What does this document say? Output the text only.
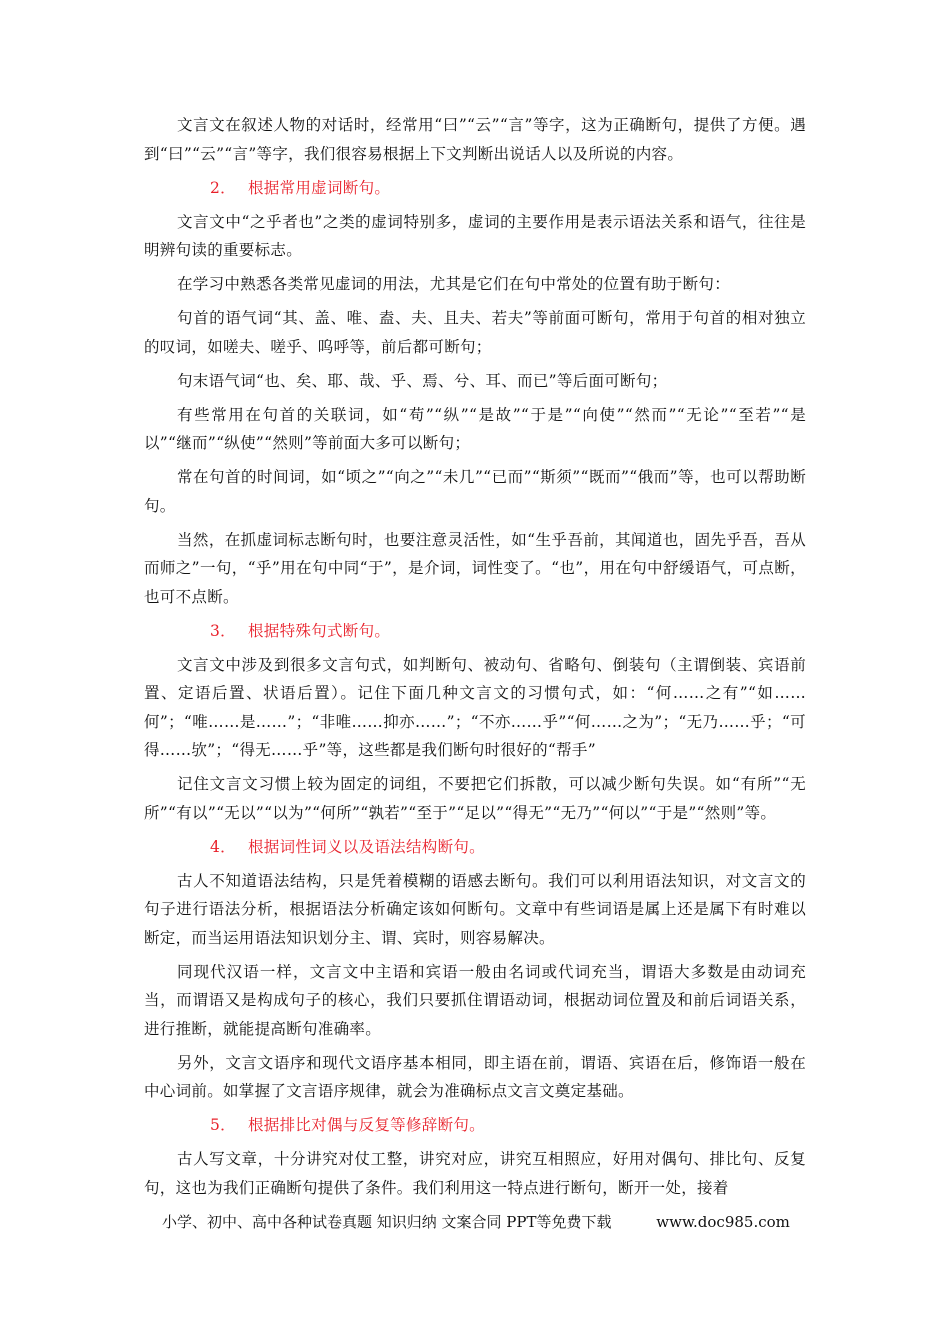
文言文在叙述人物的对话时，经常用“曰”“云”“言”等字，这为正确断句，提供了方便。遇到“曰”“云”“言”等字，我们很容易根据上下文判断出说话人以及所说的内容。

2． 根据常用虚词断句。

文言文中“之乎者也”之类的虚词特别多，虚词的主要作用是表示语法关系和语气，往往是明辨句读的重要标志。

在学习中熟悉各类常见虚词的用法，尤其是它们在句中常处的位置有助于断句：

句首的语气词“其、盖、唯、盍、夫、且夫、若夫”等前面可断句，常用于句首的相对独立的叹词，如嗟夫、嗟乎、呜呼等，前后都可断句；

句末语气词“也、矣、耶、哉、乎、焉、兮、耳、而已”等后面可断句；

有些常用在句首的关联词，如“苟”“纵”“是故”“于是”“向使”“然而”“无论”“至若”“是以”“继而”“纵使”“然则”等前面大多可以断句；

常在句首的时间词，如“顷之”“向之”“未几”“已而”“斯须”“既而”“俄而”等，也可以帮助断句。

当然，在抓虚词标志断句时，也要注意灵活性，如“生乎吾前，其闻道也，固先乎吾，吾从而师之”一句，“乎”用在句中同“于”，是介词，词性变了。“也”，用在句中舒缓语气，可点断，也可不点断。

3． 根据特殊句式断句。

文言文中涉及到很多文言句式，如判断句、被动句、省略句、倒装句（主谓倒装、宾语前置、定语后置、状语后置）。记住下面几种文言文的习惯句式，如：“何……之有”“如……何”；“唯……是……”；“非唯……抑亦……”；“不亦……乎”“何……之为”；“无乃……乎；“可得……欤”；“得无……乎”等，这些都是我们断句时很好的“帮手”

记住文言文习惯上较为固定的词组，不要把它们拆散，可以减少断句失误。如“有所”“无所”“有以”“无以”“以为”“何所”“孰若”“至于”“足以”“得无”“无乃”“何以”“于是”“然则”等。

4． 根据词性词义以及语法结构断句。

古人不知道语法结构，只是凭着模糊的语感去断句。我们可以利用语法知识，对文言文的句子进行语法分析，根据语法分析确定该如何断句。文章中有些词语是属上还是属下有时难以断定，而当运用语法知识划分主、谓、宾时，则容易解决。

同现代汉语一样，文言文中主语和宾语一般由名词或代词充当，谓语大多数是由动词充当，而谓语又是构成句子的核心，我们只要抓住谓语动词，根据动词位置及和前后词语关系，进行推断，就能提高断句准确率。

另外，文言文语序和现代文语序基本相同，即主语在前，谓语、宾语在后，修饰语一般在中心词前。如掌握了文言语序规律，就会为准确标点文言文奠定基础。

5． 根据排比对偶与反复等修辞断句。

古人写文章，十分讲究对仗工整，讲究对应，讲究互相照应，好用对偶句、排比句、反复句，这也为我们正确断句提供了条件。我们利用这一特点进行断句，断开一处，接着

小学、初中、高中各种试卷真题 知识归纳 文案合同 PPT等免费下载	www.doc985.com
